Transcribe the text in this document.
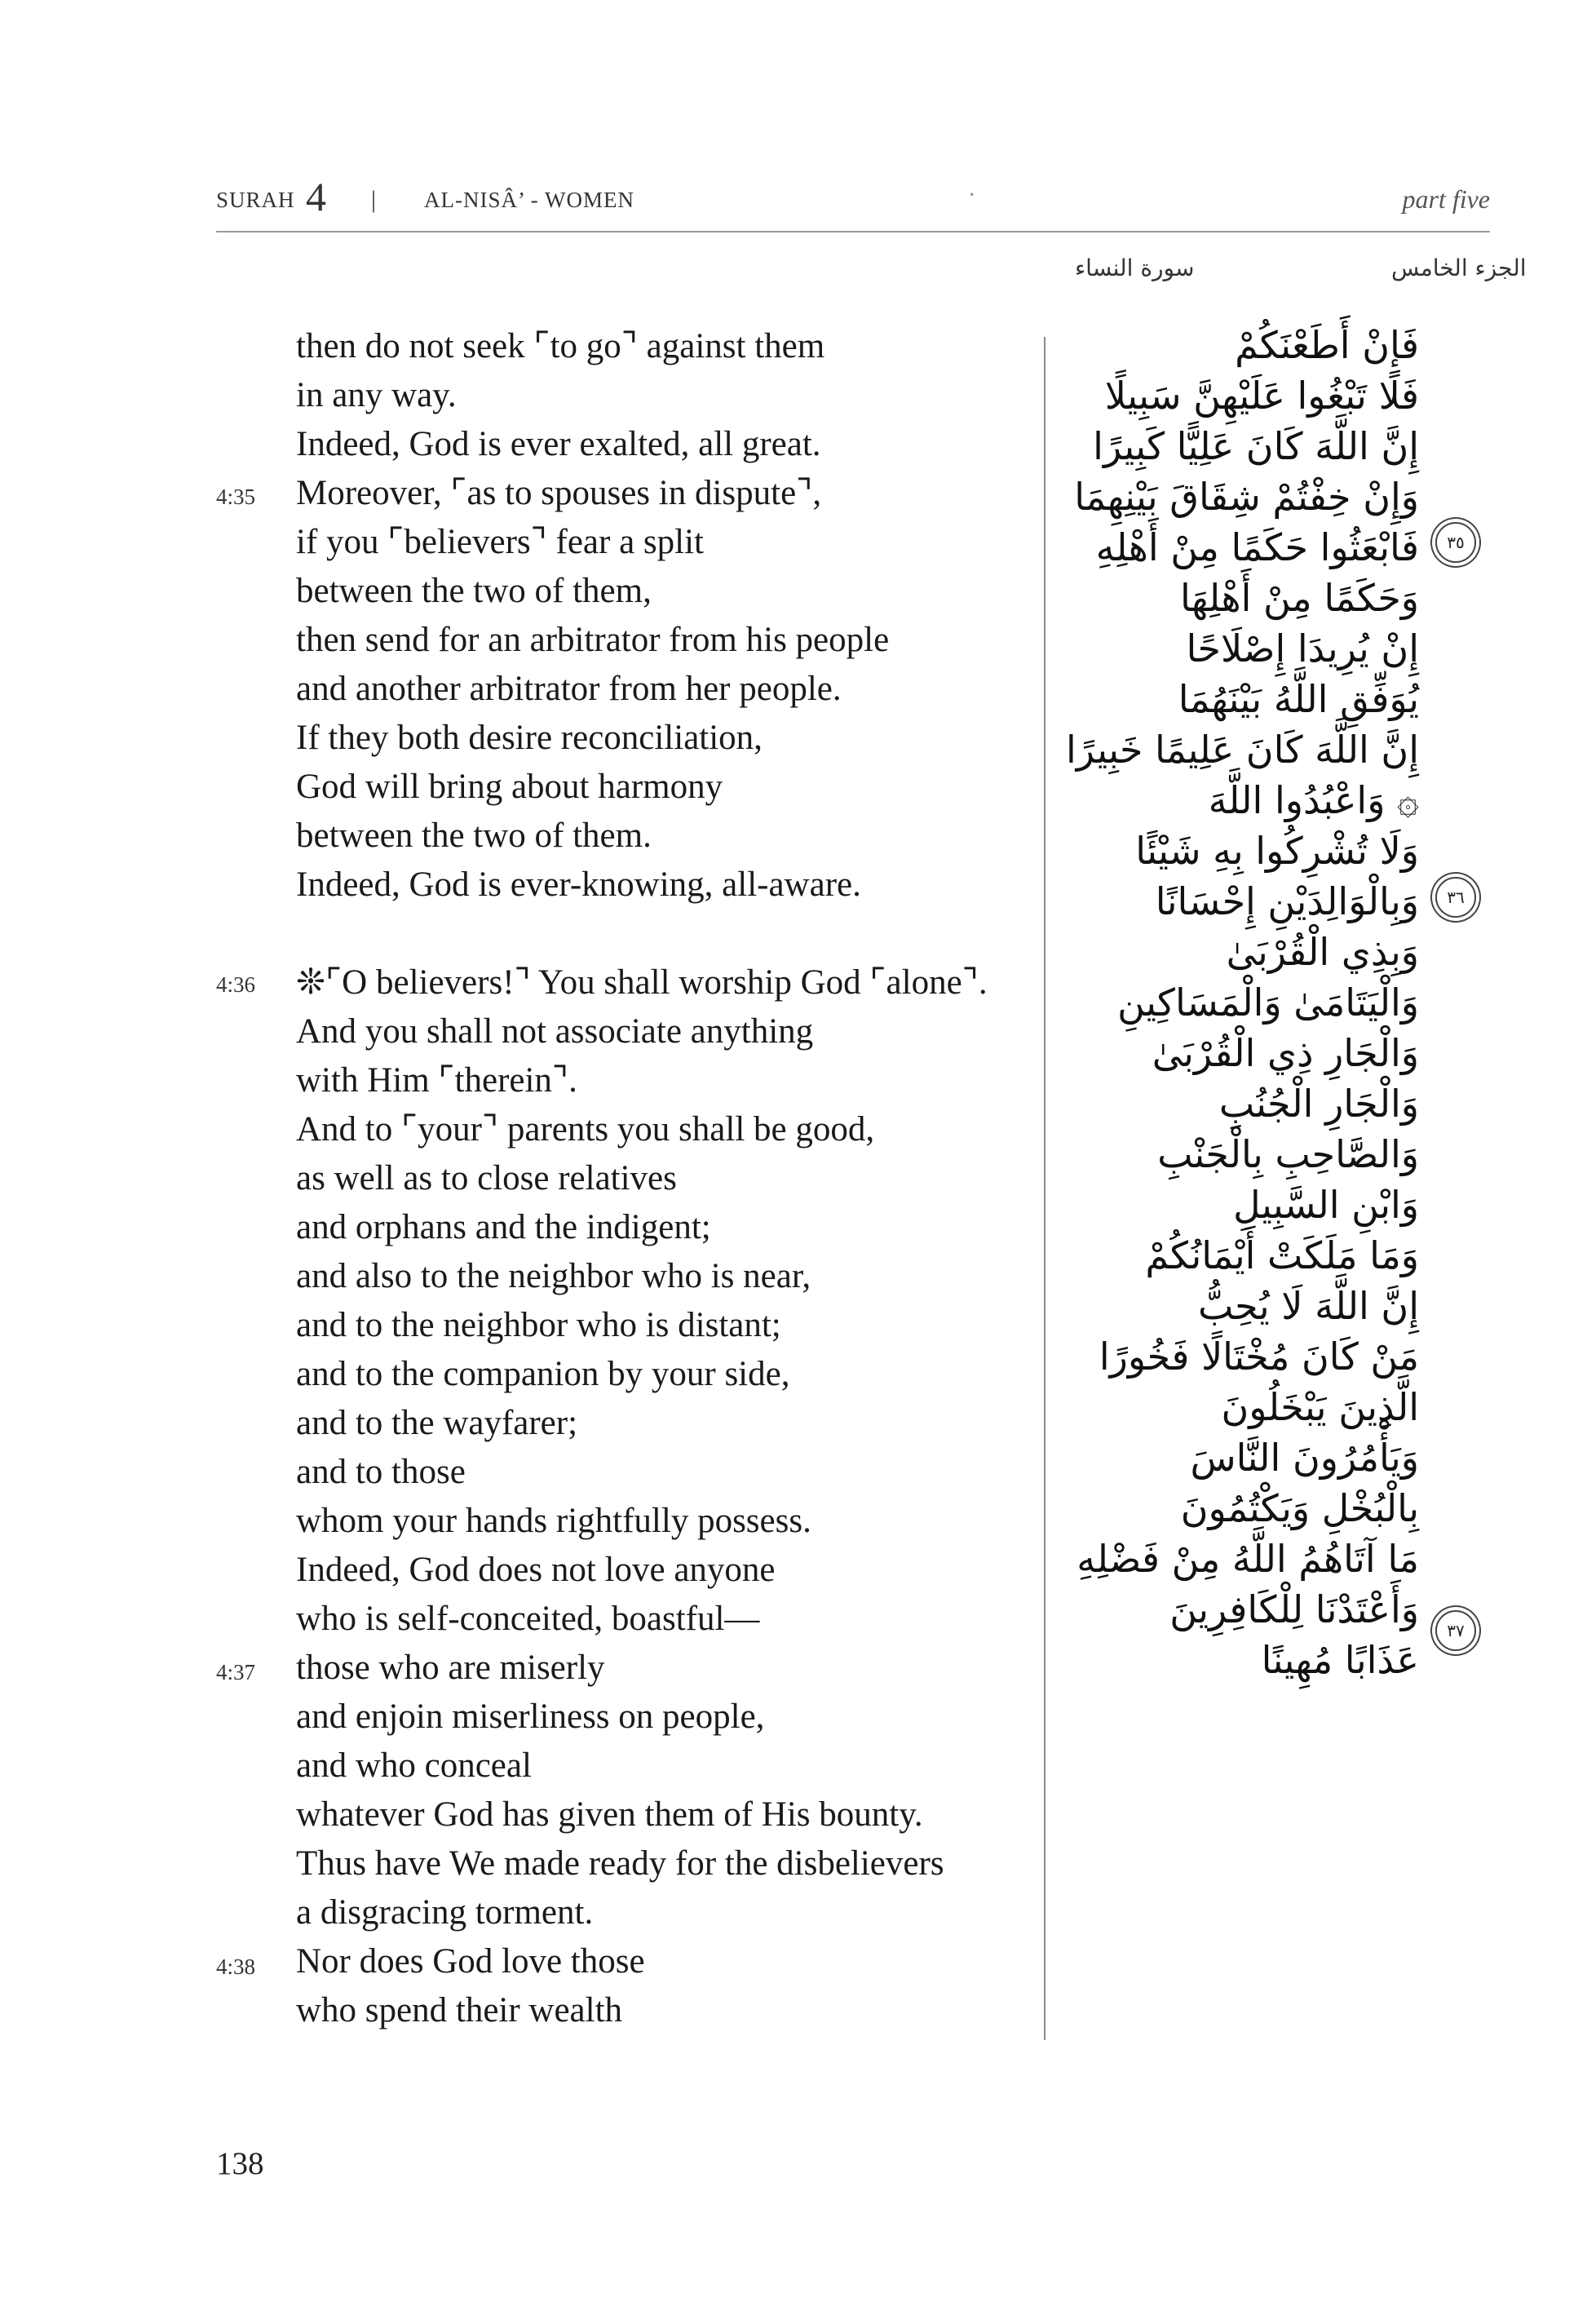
SURAH 4 | AL-NISÂ’ - WOMEN	·	part five
الجزء الخامس
سورة النساء
4:35
4:36
4:37
4:38
then do not seek ⌜to go⌝ against them
in any way.
Indeed, God is ever exalted, all great.
Moreover, ⌜as to spouses in dispute⌝,
if you ⌜believers⌝ fear a split
between the two of them,
then send for an arbitrator from his people
and another arbitrator from her people.
If they both desire reconciliation,
God will bring about harmony
between the two of them.
Indeed, God is ever-knowing, all-aware.
❊⌜O believers!⌝ You shall worship God ⌜alone⌝.
And you shall not associate anything
with Him ⌜therein⌝.
And to ⌜your⌝ parents you shall be good,
as well as to close relatives
and orphans and the indigent;
and also to the neighbor who is near,
and to the neighbor who is distant;
and to the companion by your side,
and to the wayfarer;
and to those
whom your hands rightfully possess.
Indeed, God does not love anyone
who is self-conceited, boastful—
those who are miserly
and enjoin miserliness on people,
and who conceal
whatever God has given them of His bounty.
Thus have We made ready for the disbelievers
a disgracing torment.
Nor does God love those
who spend their wealth
فَإِنْ أَطَعْنَكُمْ
فَلَا تَبْغُوا عَلَيْهِنَّ سَبِيلًا
إِنَّ اللَّهَ كَانَ عَلِيًّا كَبِيرًا
وَإِنْ خِفْتُمْ شِقَاقَ بَيْنِهِمَا
فَابْعَثُوا حَكَمًا مِنْ أَهْلِهِ
وَحَكَمًا مِنْ أَهْلِهَا
إِنْ يُرِيدَا إِصْلَاحًا
يُوَفِّقِ اللَّهُ بَيْنَهُمَا
إِنَّ اللَّهَ كَانَ عَلِيمًا خَبِيرًا
۞ وَاعْبُدُوا اللَّهَ
وَلَا تُشْرِكُوا بِهِ شَيْئًا
وَبِالْوَالِدَيْنِ إِحْسَانًا
وَبِذِي الْقُرْبَىٰ
وَالْيَتَامَىٰ وَالْمَسَاكِينِ
وَالْجَارِ ذِي الْقُرْبَىٰ
وَالْجَارِ الْجُنُبِ
وَالصَّاحِبِ بِالْجَنْبِ
وَابْنِ السَّبِيلِ
وَمَا مَلَكَتْ أَيْمَانُكُمْ
إِنَّ اللَّهَ لَا يُحِبُّ
مَنْ كَانَ مُخْتَالًا فَخُورًا
الَّذِينَ يَبْخَلُونَ
وَيَأْمُرُونَ النَّاسَ
بِالْبُخْلِ وَيَكْتُمُونَ
مَا آتَاهُمُ اللَّهُ مِنْ فَضْلِهِ
وَأَعْتَدْنَا لِلْكَافِرِينَ
عَذَابًا مُهِينًا
٣٥
٣٦
٣٧
138
